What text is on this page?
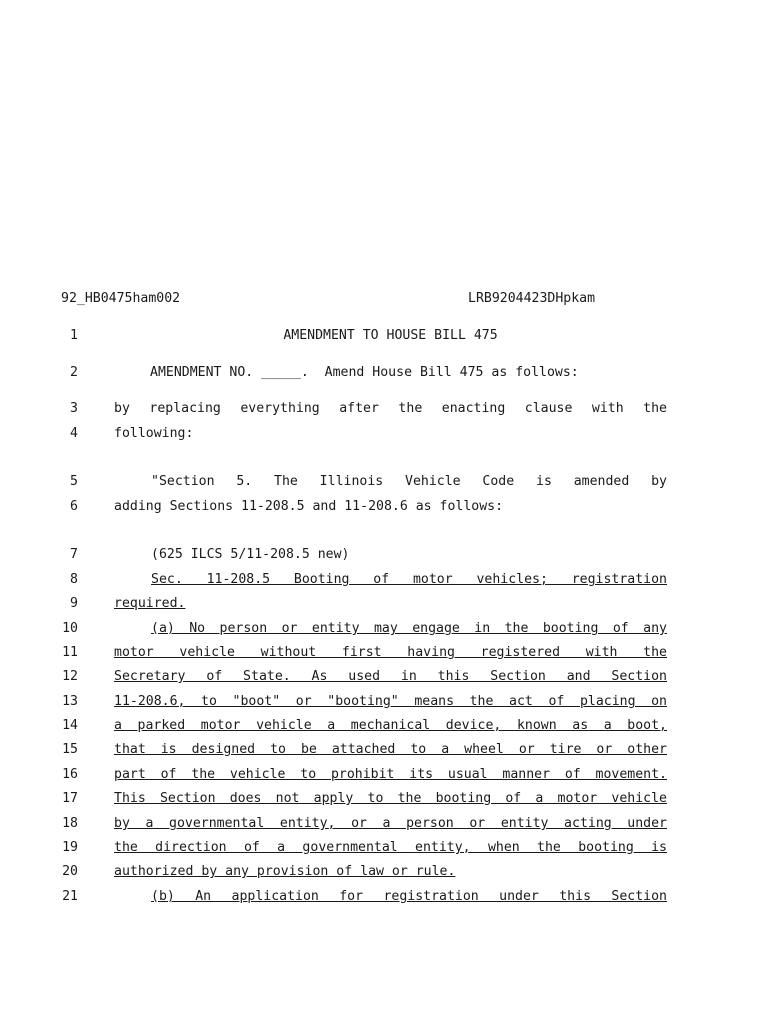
92_HB0475ham002

	LRB9204423DHpkam

1	AMENDMENT TO HOUSE BILL 475
2	AMENDMENT NO. _____.  Amend House Bill 475 as follows:
3	by replacing everything after the enacting clause with the
4	following:
5	"Section 5. The Illinois Vehicle Code is amended by
6	adding Sections 11-208.5 and 11-208.6 as follows:
7	(625 ILCS 5/11-208.5 new)
8	Sec. 11-208.5 Booting of motor vehicles; registration
9	required.
10	(a) No person or entity may engage in the booting of any
11	motor vehicle without first having registered with the
12	Secretary of State. As used in this Section and Section
13	11-208.6, to "boot" or "booting" means the act of placing on
14	a parked motor vehicle a mechanical device, known as a boot,
15	that is designed to be attached to a wheel or tire or other
16	part of the vehicle to prohibit its usual manner of movement.
17	This Section does not apply to the booting of a motor vehicle
18	by a governmental entity, or a person or entity acting under
19	the direction of a governmental entity, when the booting is
20	authorized by any provision of law or rule.
21	(b) An application for registration under this Section
